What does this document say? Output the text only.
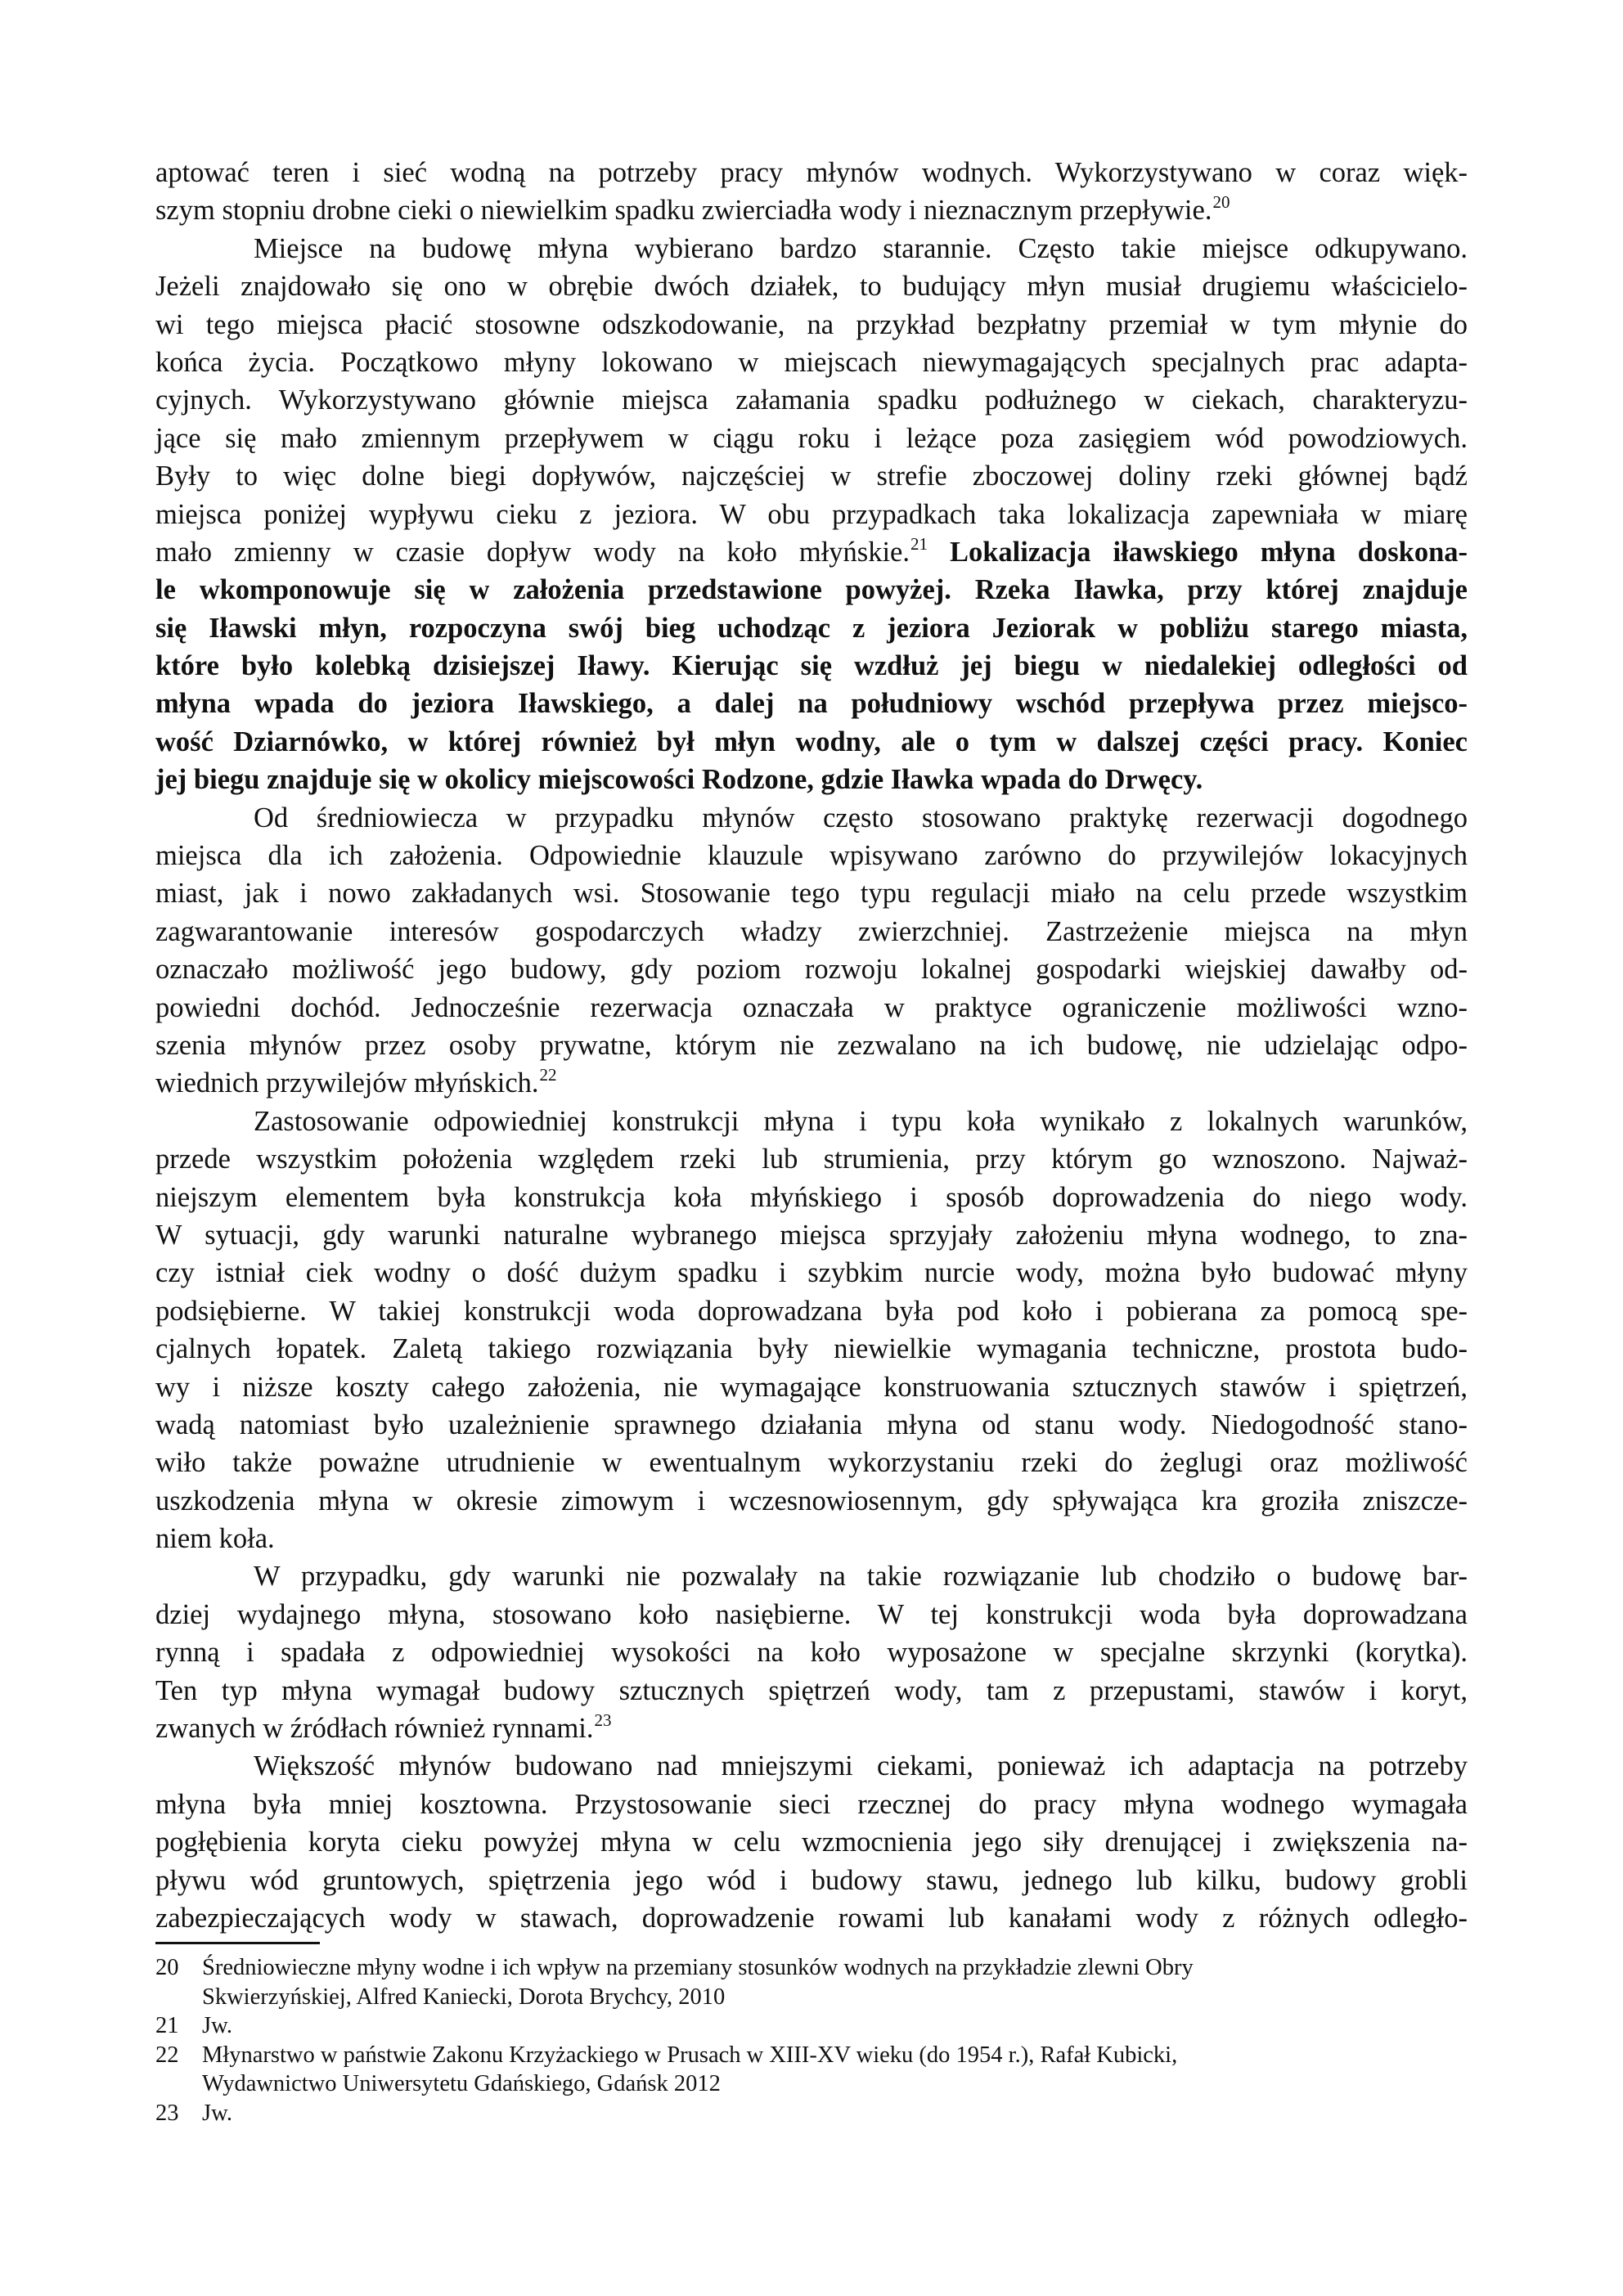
aptować teren i sieć wodną na potrzeby pracy młynów wodnych. Wykorzystywano w coraz więk-
szym stopniu drobne cieki o niewielkim spadku zwierciadła wody i nieznacznym przepływie.$^{20}$
Miejsce na budowę młyna wybierano bardzo starannie. Często takie miejsce odkupywano.
Jeżeli znajdowało się ono w obrębie dwóch działek, to budujący młyn musiał drugiemu właścicielo-
wi tego miejsca płacić stosowne odszkodowanie, na przykład bezpłatny przemiał w tym młynie do
końca życia. Początkowo młyny lokowano w miejscach niewymagających specjalnych prac adapta-
cyjnych. Wykorzystywano głównie miejsca załamania spadku podłużnego w ciekach, charakteryzu-
jące się mało zmiennym przepływem w ciągu roku i leżące poza zasięgiem wód powodziowych.
Były to więc dolne biegi dopływów, najczęściej w strefie zboczowej doliny rzeki głównej bądź
miejsca poniżej wypływu cieku z jeziora. W obu przypadkach taka lokalizacja zapewniała w miarę
mało zmienny w czasie dopływ wody na koło młyńskie.$^{21}$ Lokalizacja iławskiego młyna doskona-
le wkomponowuje się w założenia przedstawione powyżej. Rzeka Iławka, przy której znajduje
się Iławski młyn, rozpoczyna swój bieg uchodząc z jeziora Jeziorak w pobliżu starego miasta,
które było kolebką dzisiejszej Iławy. Kierując się wzdłuż jej biegu w niedalekiej odległości od
młyna wpada do jeziora Iławskiego, a dalej na południowy wschód przepływa przez miejsco-
wość Dziarnówko, w której również był młyn wodny, ale o tym w dalszej części pracy. Koniec
jej biegu znajduje się w okolicy miejscowości Rodzone, gdzie Iławka wpada do Drwęcy.
Od średniowiecza w przypadku młynów często stosowano praktykę rezerwacji dogodnego
miejsca dla ich założenia. Odpowiednie klauzule wpisywano zarówno do przywilejów lokacyjnych
miast, jak i nowo zakładanych wsi. Stosowanie tego typu regulacji miało na celu przede wszystkim
zagwarantowanie interesów gospodarczych władzy zwierzchniej. Zastrzeżenie miejsca na młyn
oznaczało możliwość jego budowy, gdy poziom rozwoju lokalnej gospodarki wiejskiej dawałby od-
powiedni dochód. Jednocześnie rezerwacja oznaczała w praktyce ograniczenie możliwości wzno-
szenia młynów przez osoby prywatne, którym nie zezwalano na ich budowę, nie udzielając odpo-
wiednich przywilejów młyńskich.$^{22}$
Zastosowanie odpowiedniej konstrukcji młyna i typu koła wynikało z lokalnych warunków,
przede wszystkim położenia względem rzeki lub strumienia, przy którym go wznoszono. Najważ-
niejszym elementem była konstrukcja koła młyńskiego i sposób doprowadzenia do niego wody.
W sytuacji, gdy warunki naturalne wybranego miejsca sprzyjały założeniu młyna wodnego, to zna-
czy istniał ciek wodny o dość dużym spadku i szybkim nurcie wody, można było budować młyny
podsiębierne. W takiej konstrukcji woda doprowadzana była pod koło i pobierana za pomocą spe-
cjalnych łopatek. Zaletą takiego rozwiązania były niewielkie wymagania techniczne, prostota budo-
wy i niższe koszty całego założenia, nie wymagające konstruowania sztucznych stawów i spiętrzeń,
wadą natomiast było uzależnienie sprawnego działania młyna od stanu wody. Niedogodność stano-
wiło także poważne utrudnienie w ewentualnym wykorzystaniu rzeki do żeglugi oraz możliwość
uszkodzenia młyna w okresie zimowym i wczesnowiosennym, gdy spływająca kra groziła zniszcze-
niem koła.
W przypadku, gdy warunki nie pozwalały na takie rozwiązanie lub chodziło o budowę bar-
dziej wydajnego młyna, stosowano koło nasiębierne. W tej konstrukcji woda była doprowadzana
rynną i spadała z odpowiedniej wysokości na koło wyposażone w specjalne skrzynki (korytka).
Ten typ młyna wymagał budowy sztucznych spiętrzeń wody, tam z przepustami, stawów i koryt,
zwanych w źródłach również rynnami.$^{23}$
Większość młynów budowano nad mniejszymi ciekami, ponieważ ich adaptacja na potrzeby
młyna była mniej kosztowna. Przystosowanie sieci rzecznej do pracy młyna wodnego wymagała
pogłębienia koryta cieku powyżej młyna w celu wzmocnienia jego siły drenującej i zwiększenia na-
pływu wód gruntowych, spiętrzenia jego wód i budowy stawu, jednego lub kilku, budowy grobli
zabezpieczających wody w stawach, doprowadzenie rowami lub kanałami wody z różnych odległo-
20 Średniowieczne młyny wodne i ich wpływ na przemiany stosunków wodnych na przykładzie zlewni Obry
Skwierzyńskiej, Alfred Kaniecki, Dorota Brychcy, 2010
21 Jw.
22 Młynarstwo w państwie Zakonu Krzyżackiego w Prusach w XIII-XV wieku (do 1954 r.), Rafał Kubicki,
Wydawnictwo Uniwersytetu Gdańskiego, Gdańsk 2012
23 Jw.
